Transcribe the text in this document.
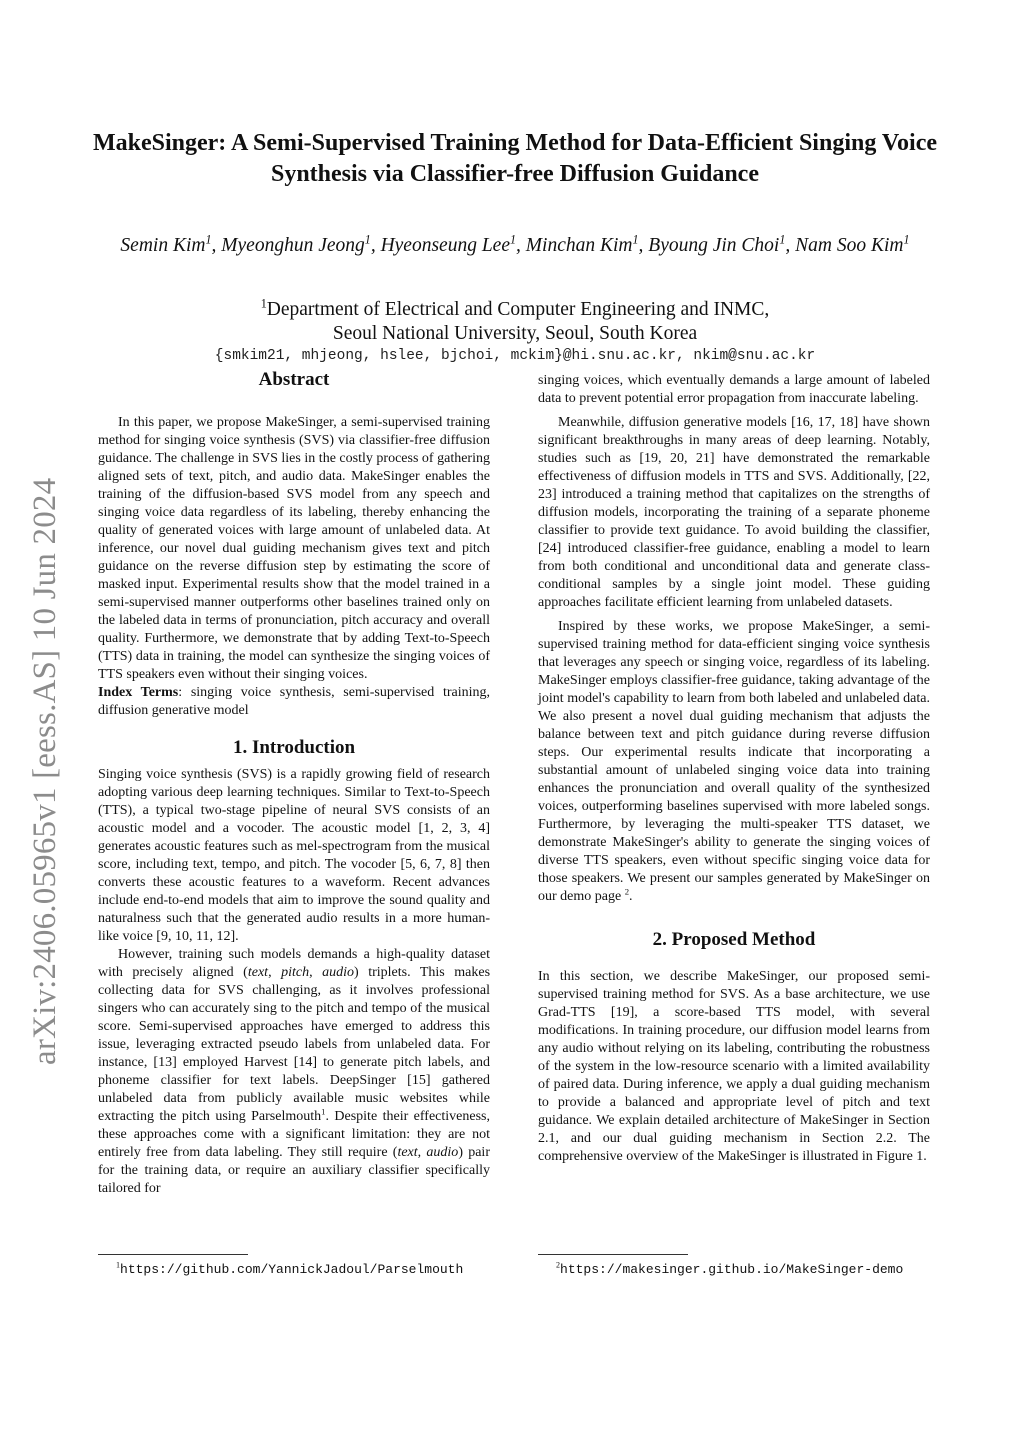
arXiv:2406.05965v1 [eess.AS] 10 Jun 2024
MakeSinger: A Semi-Supervised Training Method for Data-Efficient Singing Voice Synthesis via Classifier-free Diffusion Guidance
Semin Kim$^1$, Myeonghun Jeong$^1$, Hyeonseung Lee$^1$, Minchan Kim$^1$, Byoung Jin Choi$^1$, Nam Soo Kim$^1$
$^1$Department of Electrical and Computer Engineering and INMC,
Seoul National University, Seoul, South Korea
{smkim21, mhjeong, hslee, bjchoi, mckim}@hi.snu.ac.kr, nkim@snu.ac.kr
Abstract

In this paper, we propose MakeSinger, a semi-supervised training method for singing voice synthesis (SVS) via classifier-free diffusion guidance. The challenge in SVS lies in the costly process of gathering aligned sets of text, pitch, and audio data. MakeSinger enables the training of the diffusion-based SVS model from any speech and singing voice data regardless of its labeling, thereby enhancing the quality of generated voices with large amount of unlabeled data. At inference, our novel dual guiding mechanism gives text and pitch guidance on the reverse diffusion step by estimating the score of masked input. Experimental results show that the model trained in a semi-supervised manner outperforms other baselines trained only on the labeled data in terms of pronunciation, pitch accuracy and overall quality. Furthermore, we demonstrate that by adding Text-to-Speech (TTS) data in training, the model can synthesize the singing voices of TTS speakers even without their singing voices.

Index Terms: singing voice synthesis, semi-supervised training, diffusion generative model

1. Introduction

Singing voice synthesis (SVS) is a rapidly growing field of research adopting various deep learning techniques. Similar to Text-to-Speech (TTS), a typical two-stage pipeline of neural SVS consists of an acoustic model and a vocoder. The acoustic model [1, 2, 3, 4] generates acoustic features such as mel-spectrogram from the musical score, including text, tempo, and pitch. The vocoder [5, 6, 7, 8] then converts these acoustic features to a waveform. Recent advances include end-to-end models that aim to improve the sound quality and naturalness such that the generated audio results in a more human-like voice [9, 10, 11, 12].

However, training such models demands a high-quality dataset with precisely aligned (text, pitch, audio) triplets. This makes collecting data for SVS challenging, as it involves professional singers who can accurately sing to the pitch and tempo of the musical score. Semi-supervised approaches have emerged to address this issue, leveraging extracted pseudo labels from unlabeled data. For instance, [13] employed Harvest [14] to generate pitch labels, and phoneme classifier for text labels. DeepSinger [15] gathered unlabeled data from publicly available music websites while extracting the pitch using Parselmouth$^1$. Despite their effectiveness, these approaches come with a significant limitation: they are not entirely free from data labeling. They still require (text, audio) pair for the training data, or require an auxiliary classifier specifically tailored for

$^1$https://github.com/YannickJadoul/Parselmouth

singing voices, which eventually demands a large amount of labeled data to prevent potential error propagation from inaccurate labeling.

Meanwhile, diffusion generative models [16, 17, 18] have shown significant breakthroughs in many areas of deep learning. Notably, studies such as [19, 20, 21] have demonstrated the remarkable effectiveness of diffusion models in TTS and SVS. Additionally, [22, 23] introduced a training method that capitalizes on the strengths of diffusion models, incorporating the training of a separate phoneme classifier to provide text guidance. To avoid building the classifier, [24] introduced classifier-free guidance, enabling a model to learn from both conditional and unconditional data and generate class-conditional samples by a single joint model. These guiding approaches facilitate efficient learning from unlabeled datasets.

Inspired by these works, we propose MakeSinger, a semi-supervised training method for data-efficient singing voice synthesis that leverages any speech or singing voice, regardless of its labeling. MakeSinger employs classifier-free guidance, taking advantage of the joint model's capability to learn from both labeled and unlabeled data. We also present a novel dual guiding mechanism that adjusts the balance between text and pitch guidance during reverse diffusion steps. Our experimental results indicate that incorporating a substantial amount of unlabeled singing voice data into training enhances the pronunciation and overall quality of the synthesized voices, outperforming baselines supervised with more labeled songs. Furthermore, by leveraging the multi-speaker TTS dataset, we demonstrate MakeSinger's ability to generate the singing voices of diverse TTS speakers, even without specific singing voice data for those speakers. We present our samples generated by MakeSinger on our demo page $^2$.

2. Proposed Method

In this section, we describe MakeSinger, our proposed semi-supervised training method for SVS. As a base architecture, we use Grad-TTS [19], a score-based TTS model, with several modifications. In training procedure, our diffusion model learns from any audio without relying on its labeling, contributing the robustness of the system in the low-resource scenario with a limited availability of paired data. During inference, we apply a dual guiding mechanism to provide a balanced and appropriate level of pitch and text guidance. We explain detailed architecture of MakeSinger in Section 2.1, and our dual guiding mechanism in Section 2.2. The comprehensive overview of the MakeSinger is illustrated in Figure 1.

$^2$https://makesinger.github.io/MakeSinger-demo
